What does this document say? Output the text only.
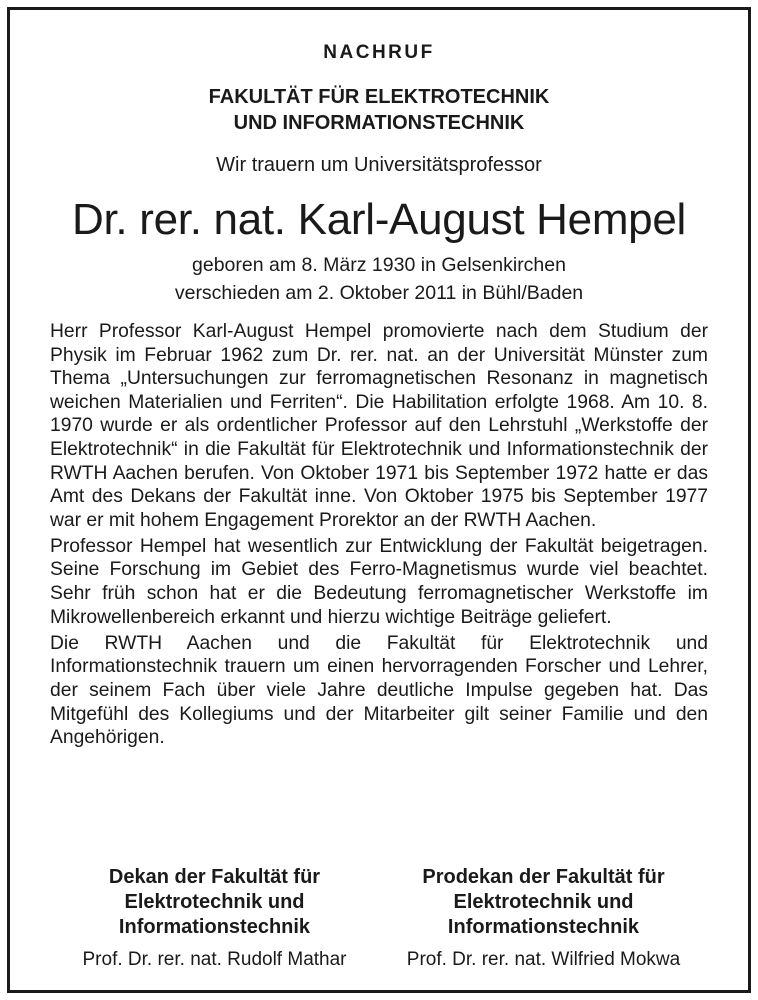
NACHRUF
FAKULTÄT FÜR ELEKTROTECHNIK
UND INFORMATIONSTECHNIK
Wir trauern um Universitätsprofessor
Dr. rer. nat. Karl-August Hempel
geboren am 8. März 1930 in Gelsenkirchen
verschieden am 2. Oktober 2011 in Bühl/Baden

Herr Professor Karl-August Hempel promovierte nach dem Studium der Physik im Februar 1962 zum Dr. rer. nat. an der Universität Münster zum Thema „Untersuchungen zur ferromagnetischen Resonanz in magnetisch weichen Materialien und Ferriten“. Die Habilitation erfolgte 1968. Am 10. 8. 1970 wurde er als ordentlicher Professor auf den Lehrstuhl „Werkstoffe der Elektrotechnik“ in die Fakultät für Elektrotechnik und Informationstechnik der RWTH Aachen berufen. Von Oktober 1971 bis September 1972 hatte er das Amt des Dekans der Fakultät inne. Von Oktober 1975 bis September 1977 war er mit hohem Engagement Prorektor an der RWTH Aachen.

Professor Hempel hat wesentlich zur Entwicklung der Fakultät beigetragen. Seine Forschung im Gebiet des Ferro-Magnetismus wurde viel beachtet. Sehr früh schon hat er die Bedeutung ferromagnetischer Werkstoffe im Mikrowellenbereich erkannt und hierzu wichtige Beiträge geliefert.

Die RWTH Aachen und die Fakultät für Elektrotechnik und Informationstechnik trauern um einen hervorragenden Forscher und Lehrer, der seinem Fach über viele Jahre deutliche Impulse gegeben hat. Das Mitgefühl des Kollegiums und der Mitarbeiter gilt seiner Familie und den Angehörigen.

Dekan der Fakultät für
Elektrotechnik und
Informationstechnik
Prof. Dr. rer. nat. Rudolf Mathar
Prodekan der Fakultät für
Elektrotechnik und
Informationstechnik
Prof. Dr. rer. nat. Wilfried Mokwa
